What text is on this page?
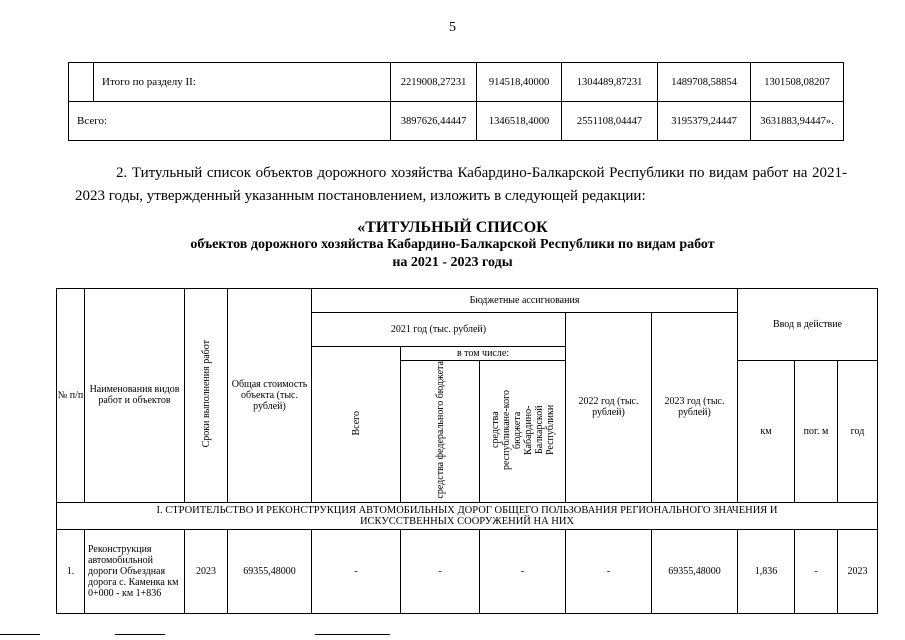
5
	Итого по разделу II:	2219008,27231	914518,40000	1304489,87231	1489708,58854	1301508,08207
Всего:		3897626,44447	1346518,4000	2551108,04447	3195379,24447	3631883,94447».
2. Титульный список объектов дорожного хозяйства Кабардино-Балкарской Республики по видам работ на 2021-2023 годы, утвержденный указанным постановлением, изложить в следующей редакции:
«ТИТУЛЬНЫЙ СПИСОК
объектов дорожного хозяйства Кабардино-Балкарской Республики по видам работ
на 2021 - 2023 годы
№ п/п	Наименования видов работ и объектов	Сроки выполнения работ	Общая стоимость объекта (тыс. рублей)	Бюджетные ассигнования					Ввод в действие		
				2021 год (тыс. рублей)			2022 год (тыс. рублей)	2023 год (тыс. рублей)			
				Всего	в том числе:						
					средства федерального бюджета	средства республикане-кого бюджета Кабардино-Балкарской Республики			км	пог. м	год
I. СТРОИТЕЛЬСТВО И РЕКОНСТРУКЦИЯ АВТОМОБИЛЬНЫХ ДОРОГ ОБЩЕГО ПОЛЬЗОВАНИЯ РЕГИОНАЛЬНОГО ЗНАЧЕНИЯ И ИСКУССТВЕННЫХ СООРУЖЕНИЙ НА НИХ											
1.	Реконструкция автомобильной дороги Объездная дорога с. Каменка км 0+000 - км 1+836	2023	69355,48000	-	-	-	-	69355,48000	1,836	-	2023
